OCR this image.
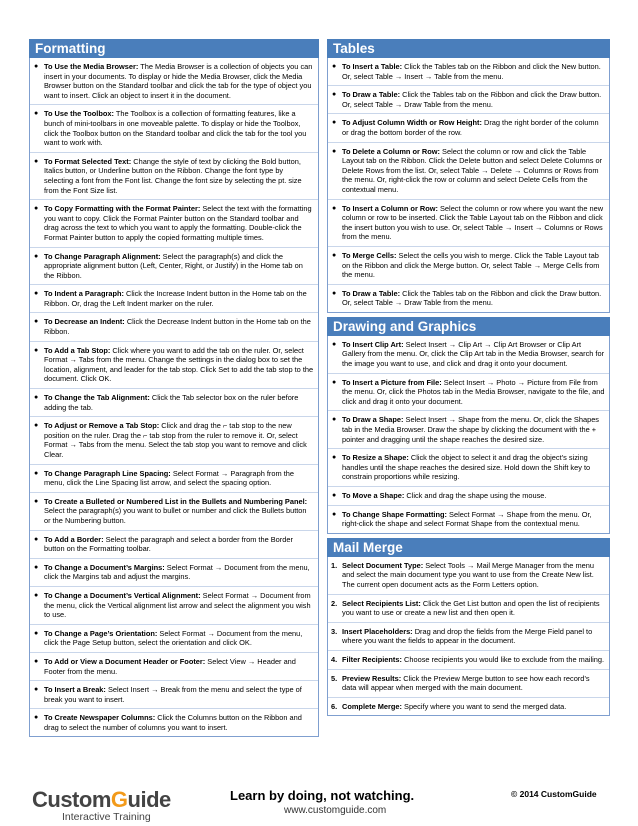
Formatting
● To Use the Media Browser: The Media Browser is a collection of objects you can insert in your documents. To display or hide the Media Browser, click the Media Browser button on the Standard toolbar and click the tab for the type of object you want to insert. Click an object to insert it in the document.
● To Use the Toolbox: The Toolbox is a collection of formatting features, like a bunch of mini-toolbars in one moveable palette. To display or hide the Toolbox, click the Toolbox button on the Standard toolbar and click the tab for the tool you want to work with.
● To Format Selected Text: Change the style of text by clicking the Bold button, Italics button, or Underline button on the Ribbon. Change the font type by selecting a font from the Font list. Change the font size by selecting the pt. size from the Font Size list.
● To Copy Formatting with the Format Painter: Select the text with the formatting you want to copy. Click the Format Painter button on the Standard toolbar and drag across the text to which you want to apply the formatting. Double-click the Format Painter button to apply the copied formatting multiple times.
● To Change Paragraph Alignment: Select the paragraph(s) and click the appropriate alignment button (Left, Center, Right, or Justify) in the Home tab on the Ribbon.
● To Indent a Paragraph: Click the Increase Indent button in the Home tab on the Ribbon. Or, drag the Left Indent marker on the ruler.
● To Decrease an Indent: Click the Decrease Indent button in the Home tab on the Ribbon.
● To Add a Tab Stop: Click where you want to add the tab on the ruler. Or, select Format → Tabs from the menu. Change the settings in the dialog box to set the location, alignment, and leader for the tab stop. Click Set to add the tab stop to the document. Click OK.
● To Change the Tab Alignment: Click the Tab selector box on the ruler before adding the tab.
● To Adjust or Remove a Tab Stop: Click and drag the ⌐ tab stop to the new position on the ruler. Drag the ⌐ tab stop from the ruler to remove it. Or, select Format → Tabs from the menu. Select the tab stop you want to remove and click Clear.
● To Change Paragraph Line Spacing: Select Format → Paragraph from the menu, click the Line Spacing list arrow, and select the spacing option.
● To Create a Bulleted or Numbered List in the Bullets and Numbering Panel: Select the paragraph(s) you want to bullet or number and click the Bullets button or the Numbering button.
● To Add a Border: Select the paragraph and select a border from the Border button on the Formatting toolbar.
● To Change a Document’s Margins: Select Format → Document from the menu, click the Margins tab and adjust the margins.
● To Change a Document’s Vertical Alignment: Select Format → Document from the menu, click the Vertical alignment list arrow and select the alignment you wish to use.
● To Change a Page’s Orientation: Select Format → Document from the menu, click the Page Setup button, select the orientation and click OK.
● To Add or View a Document Header or Footer: Select View → Header and Footer from the menu.
● To Insert a Break: Select Insert → Break from the menu and select the type of break you want to insert.
● To Create Newspaper Columns: Click the Columns button on the Ribbon and drag to select the number of columns you want to insert.
Tables
● To Insert a Table: Click the Tables tab on the Ribbon and click the New button. Or, select Table → Insert → Table from the menu.
● To Draw a Table: Click the Tables tab on the Ribbon and click the Draw button. Or, select Table → Draw Table from the menu.
● To Adjust Column Width or Row Height: Drag the right border of the column or drag the bottom border of the row.
● To Delete a Column or Row: Select the column or row and click the Table Layout tab on the Ribbon. Click the Delete button and select Delete Columns or Delete Rows from the list. Or, select Table → Delete → Columns or Rows from the menu. Or, right-click the row or column and select Delete Cells from the contextual menu.
● To Insert a Column or Row: Select the column or row where you want the new column or row to be inserted. Click the Table Layout tab on the Ribbon and click the insert button you wish to use. Or, select Table → Insert → Columns or Rows from the menu.
● To Merge Cells: Select the cells you wish to merge. Click the Table Layout tab on the Ribbon and click the Merge button. Or, select Table → Merge Cells from the menu.
● To Draw a Table: Click the Tables tab on the Ribbon and click the Draw button. Or, select Table → Draw Table from the menu.
Drawing and Graphics
● To Insert Clip Art: Select Insert → Clip Art → Clip Art Browser or Clip Art Gallery from the menu. Or, click the Clip Art tab in the Media Browser, search for the image you want to use, and click and drag it onto your document.
● To Insert a Picture from File: Select Insert → Photo → Picture from File from the menu. Or, click the Photos tab in the Media Browser, navigate to the file, and click and drag it onto your document.
● To Draw a Shape: Select Insert → Shape from the menu. Or, click the Shapes tab in the Media Browser. Draw the shape by clicking the document with the + pointer and dragging until the shape reaches the desired size.
● To Resize a Shape: Click the object to select it and drag the object’s sizing handles until the shape reaches the desired size. Hold down the Shift key to constrain proportions while resizing.
● To Move a Shape: Click and drag the shape using the mouse.
● To Change Shape Formatting: Select Format → Shape from the menu. Or, right-click the shape and select Format Shape from the contextual menu.
Mail Merge
1. Select Document Type: Select Tools → Mail Merge Manager from the menu and select the main document type you want to use from the Create New list. The current open document acts as the Form Letters option.
2. Select Recipients List: Click the Get List button and open the list of recipients you want to use or create a new list and then open it.
3. Insert Placeholders: Drag and drop the fields from the Merge Field panel to where you want the fields to appear in the document.
4. Filter Recipients: Choose recipients you would like to exclude from the mailing.
5. Preview Results: Click the Preview Merge button to see how each record’s data will appear when merged with the main document.
6. Complete Merge: Specify where you want to send the merged data.
CustomGuide
Interactive Training
Learn by doing, not watching.
www.customguide.com
© 2014 CustomGuide
